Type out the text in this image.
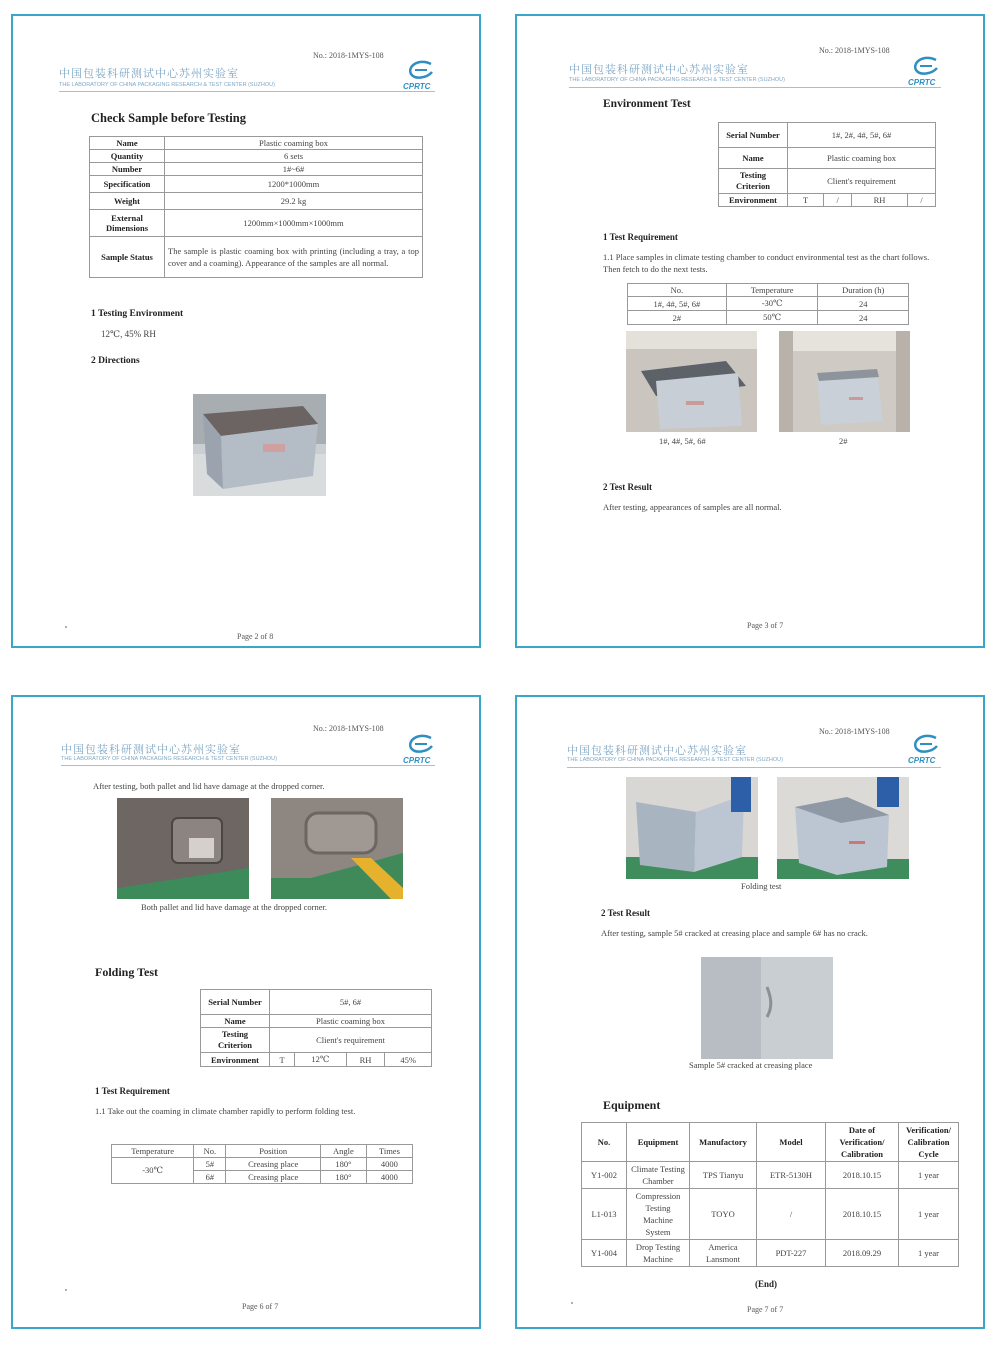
No.: 2018-1MYS-108
中国包装科研测试中心苏州实验室
THE LABORATORY OF CHINA PACKAGING RESEARCH & TEST CENTER (SUZHOU)	CPRTC
Check Sample before Testing
Name	Plastic coaming box
Quantity	6 sets
Number	1#~6#
Specification	1200*1000mm
Weight	29.2 kg
External Dimensions	1200mm×1000mm×1000mm
Sample Status	The sample is plastic coaming box with printing (including a tray, a top cover and a coaming). Appearance of the samples are all normal.
1 Testing Environment
12℃, 45% RH
2 Directions
Page 2 of 8
No.: 2018-1MYS-108
中国包装科研测试中心苏州实验室
THE LABORATORY OF CHINA PACKAGING RESEARCH & TEST CENTER (SUZHOU)	CPRTC
Environment Test
Serial Number	1#, 2#, 4#, 5#, 6#			
Name	Plastic coaming box			
Testing Criterion	Client's requirement			
Environment	T	/	RH	/
1 Test Requirement
1.1 Place samples in climate testing chamber to conduct environmental test as the chart follows. Then fetch to do the next tests.
No.	Temperature	Duration (h)
1#, 4#, 5#, 6#	-30℃	24
2#	50℃	24
1#, 4#, 5#, 6#	2#
2 Test Result
After testing, appearances of samples are all normal.
Page 3 of 7
No.: 2018-1MYS-108
中国包装科研测试中心苏州实验室
THE LABORATORY OF CHINA PACKAGING RESEARCH & TEST CENTER (SUZHOU)	CPRTC
After testing, both pallet and lid have damage at the dropped corner.
Both pallet and lid have damage at the dropped corner.
Folding Test
Serial Number	5#, 6#			
Name	Plastic coaming box			
Testing Criterion	Client's requirement			
Environment	T	12℃	RH	45%
1 Test Requirement
1.1 Take out the coaming in climate chamber rapidly to perform folding test.
Temperature	No.	Position	Angle	Times
-30℃	5#	Creasing place	180°	4000
	6#	Creasing place	180°	4000
Page 6 of 7
No.: 2018-1MYS-108
中国包装科研测试中心苏州实验室
THE LABORATORY OF CHINA PACKAGING RESEARCH & TEST CENTER (SUZHOU)	CPRTC
Folding test
2 Test Result
After testing, sample 5# cracked at creasing place and sample 6# has no crack.
Sample 5# cracked at creasing place
Equipment
No.	Equipment	Manufactory	Model	Date of Verification/ Calibration	Verification/ Calibration Cycle
Y1-002	Climate Testing Chamber	TPS Tianyu	ETR-5130H	2018.10.15	1 year
L1-013	Compression Testing Machine System	TOYO	/	2018.10.15	1 year
Y1-004	Drop Testing Machine	America Lansmont	PDT-227	2018.09.29	1 year
(End)
Page 7 of 7
